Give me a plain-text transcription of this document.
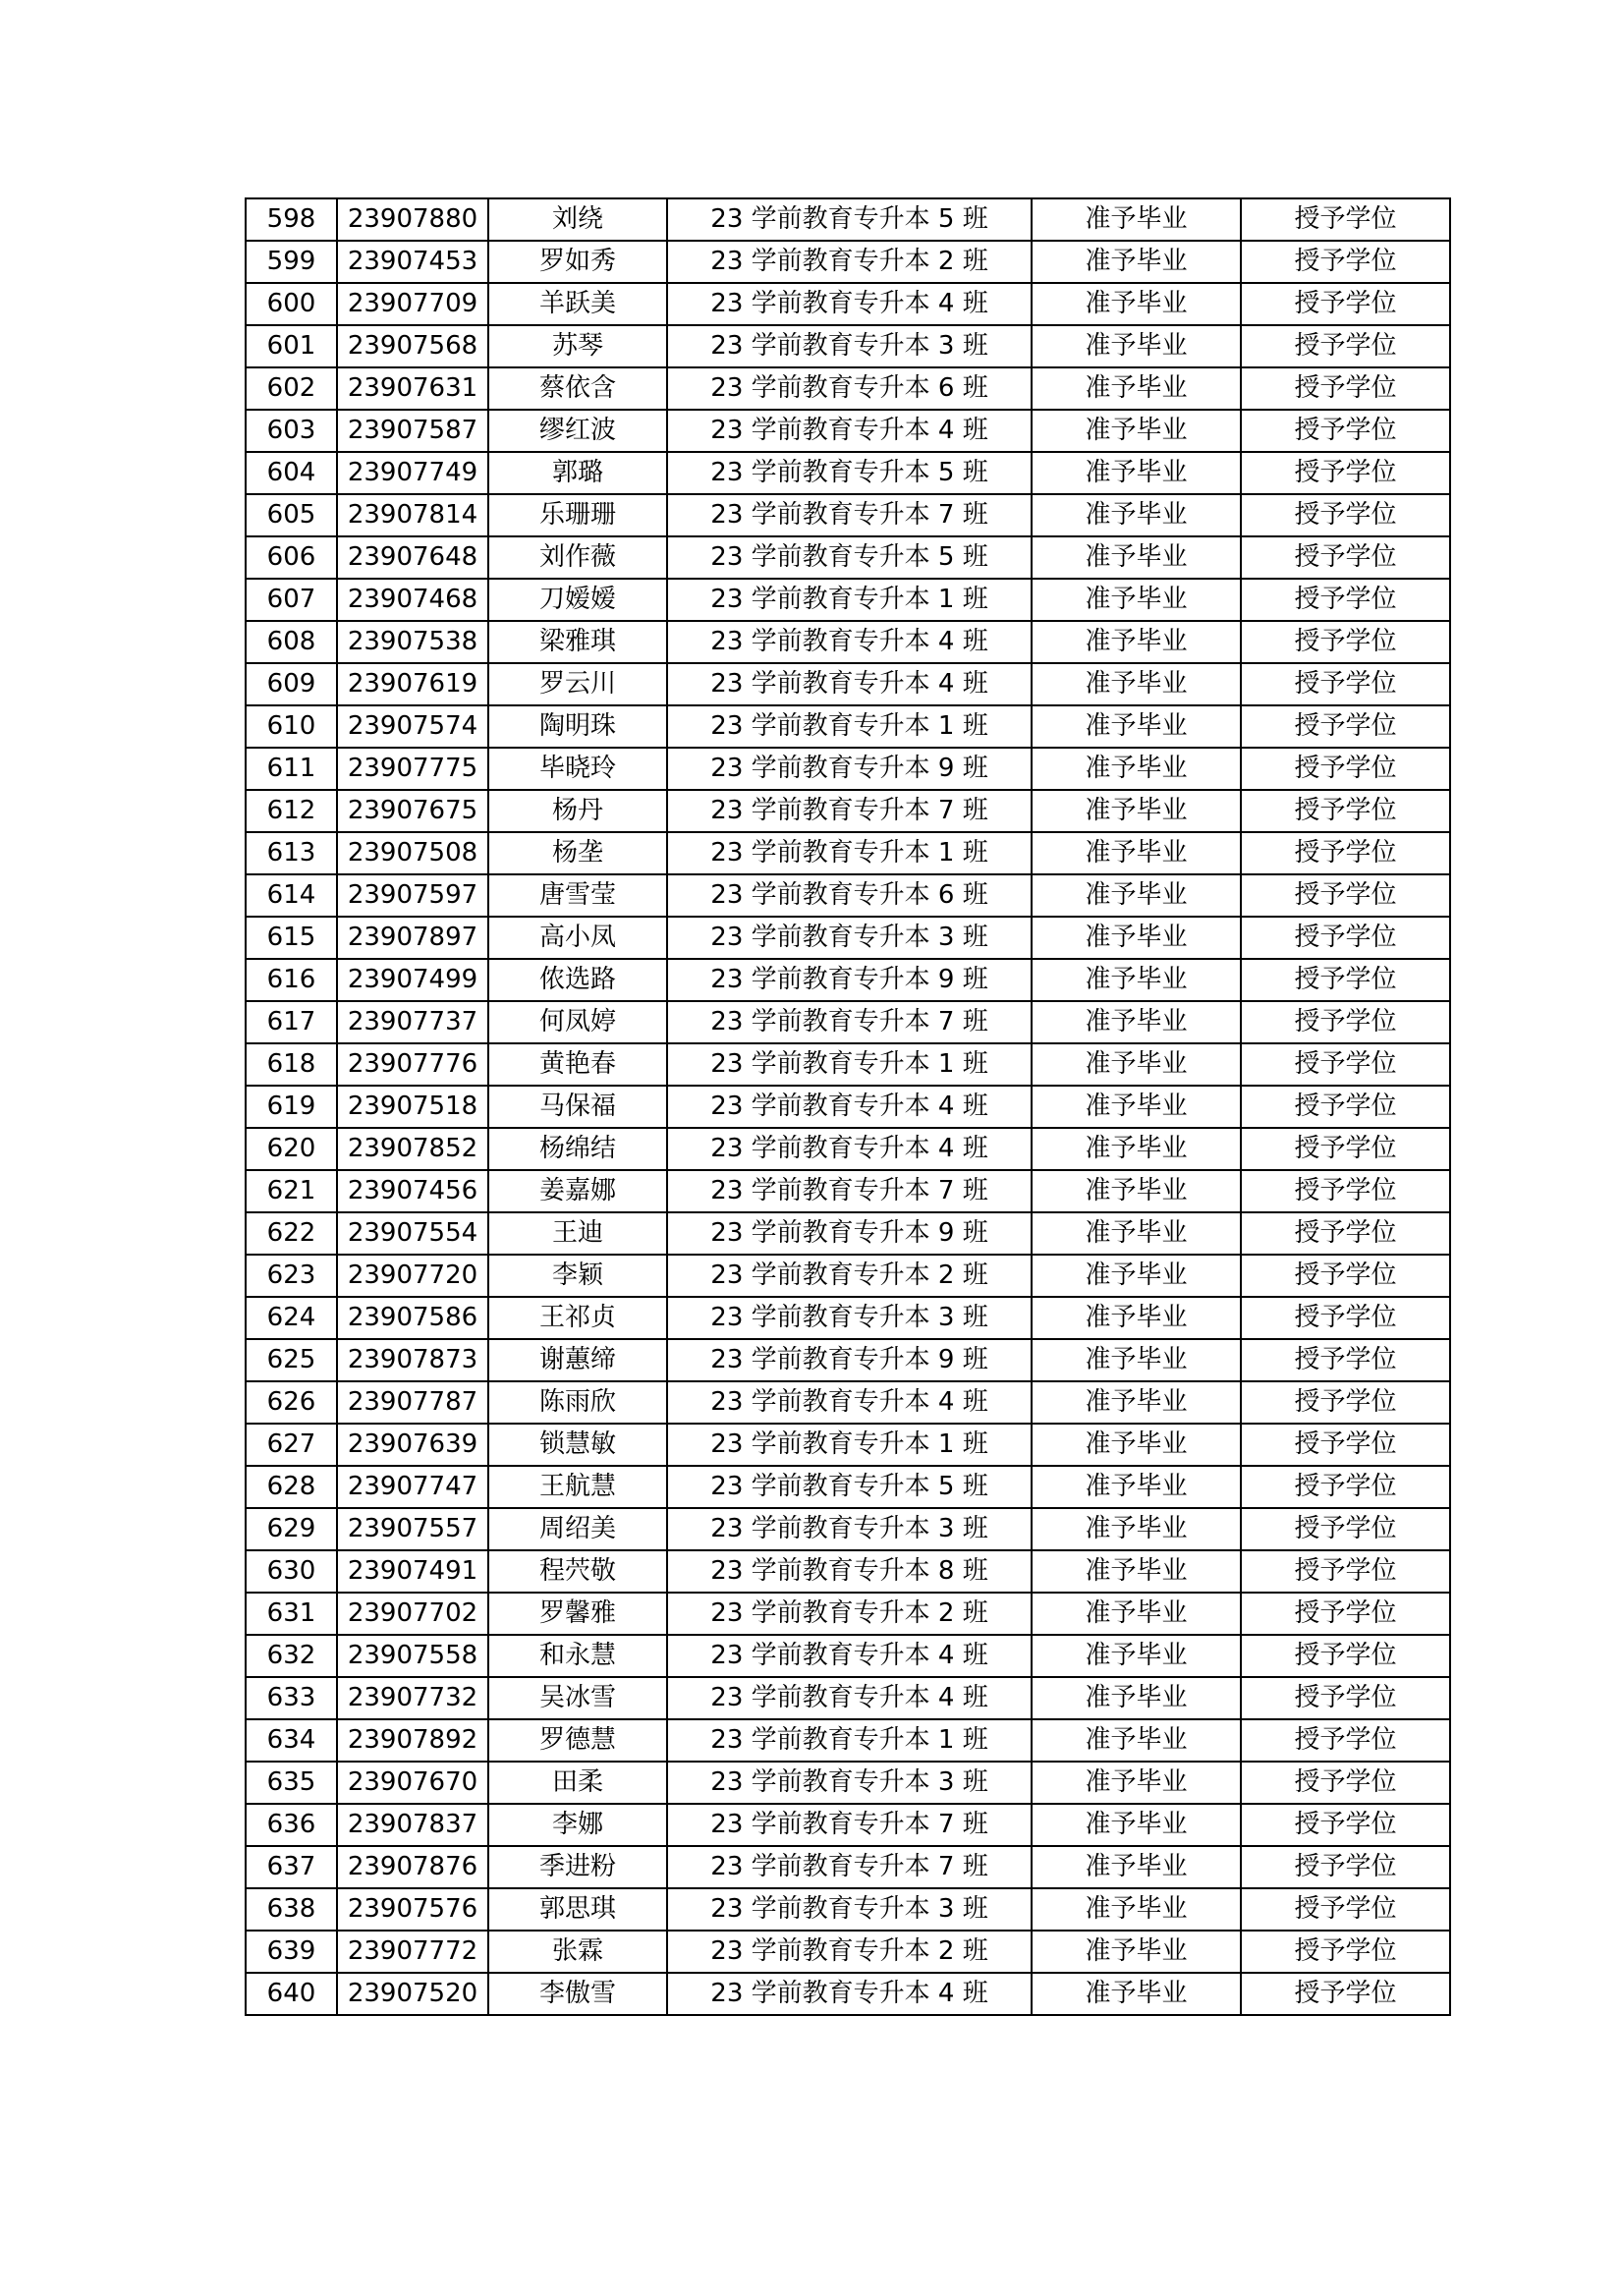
598	23907880	刘绕	23 学前教育专升本 5 班	准予毕业	授予学位
599	23907453	罗如秀	23 学前教育专升本 2 班	准予毕业	授予学位
600	23907709	羊跃美	23 学前教育专升本 4 班	准予毕业	授予学位
601	23907568	苏琴	23 学前教育专升本 3 班	准予毕业	授予学位
602	23907631	蔡依含	23 学前教育专升本 6 班	准予毕业	授予学位
603	23907587	缪红波	23 学前教育专升本 4 班	准予毕业	授予学位
604	23907749	郭璐	23 学前教育专升本 5 班	准予毕业	授予学位
605	23907814	乐珊珊	23 学前教育专升本 7 班	准予毕业	授予学位
606	23907648	刘作薇	23 学前教育专升本 5 班	准予毕业	授予学位
607	23907468	刀嫒嫒	23 学前教育专升本 1 班	准予毕业	授予学位
608	23907538	梁雅琪	23 学前教育专升本 4 班	准予毕业	授予学位
609	23907619	罗云川	23 学前教育专升本 4 班	准予毕业	授予学位
610	23907574	陶明珠	23 学前教育专升本 1 班	准予毕业	授予学位
611	23907775	毕晓玲	23 学前教育专升本 9 班	准予毕业	授予学位
612	23907675	杨丹	23 学前教育专升本 7 班	准予毕业	授予学位
613	23907508	杨垄	23 学前教育专升本 1 班	准予毕业	授予学位
614	23907597	唐雪莹	23 学前教育专升本 6 班	准予毕业	授予学位
615	23907897	高小凤	23 学前教育专升本 3 班	准予毕业	授予学位
616	23907499	侬选路	23 学前教育专升本 9 班	准予毕业	授予学位
617	23907737	何凤婷	23 学前教育专升本 7 班	准予毕业	授予学位
618	23907776	黄艳春	23 学前教育专升本 1 班	准予毕业	授予学位
619	23907518	马保福	23 学前教育专升本 4 班	准予毕业	授予学位
620	23907852	杨绵结	23 学前教育专升本 4 班	准予毕业	授予学位
621	23907456	姜嘉娜	23 学前教育专升本 7 班	准予毕业	授予学位
622	23907554	王迪	23 学前教育专升本 9 班	准予毕业	授予学位
623	23907720	李颖	23 学前教育专升本 2 班	准予毕业	授予学位
624	23907586	王祁贞	23 学前教育专升本 3 班	准予毕业	授予学位
625	23907873	谢蕙缔	23 学前教育专升本 9 班	准予毕业	授予学位
626	23907787	陈雨欣	23 学前教育专升本 4 班	准予毕业	授予学位
627	23907639	锁慧敏	23 学前教育专升本 1 班	准予毕业	授予学位
628	23907747	王航慧	23 学前教育专升本 5 班	准予毕业	授予学位
629	23907557	周绍美	23 学前教育专升本 3 班	准予毕业	授予学位
630	23907491	程茓敬	23 学前教育专升本 8 班	准予毕业	授予学位
631	23907702	罗馨雅	23 学前教育专升本 2 班	准予毕业	授予学位
632	23907558	和永慧	23 学前教育专升本 4 班	准予毕业	授予学位
633	23907732	吴冰雪	23 学前教育专升本 4 班	准予毕业	授予学位
634	23907892	罗德慧	23 学前教育专升本 1 班	准予毕业	授予学位
635	23907670	田柔	23 学前教育专升本 3 班	准予毕业	授予学位
636	23907837	李娜	23 学前教育专升本 7 班	准予毕业	授予学位
637	23907876	季进粉	23 学前教育专升本 7 班	准予毕业	授予学位
638	23907576	郭思琪	23 学前教育专升本 3 班	准予毕业	授予学位
639	23907772	张霖	23 学前教育专升本 2 班	准予毕业	授予学位
640	23907520	李傲雪	23 学前教育专升本 4 班	准予毕业	授予学位
